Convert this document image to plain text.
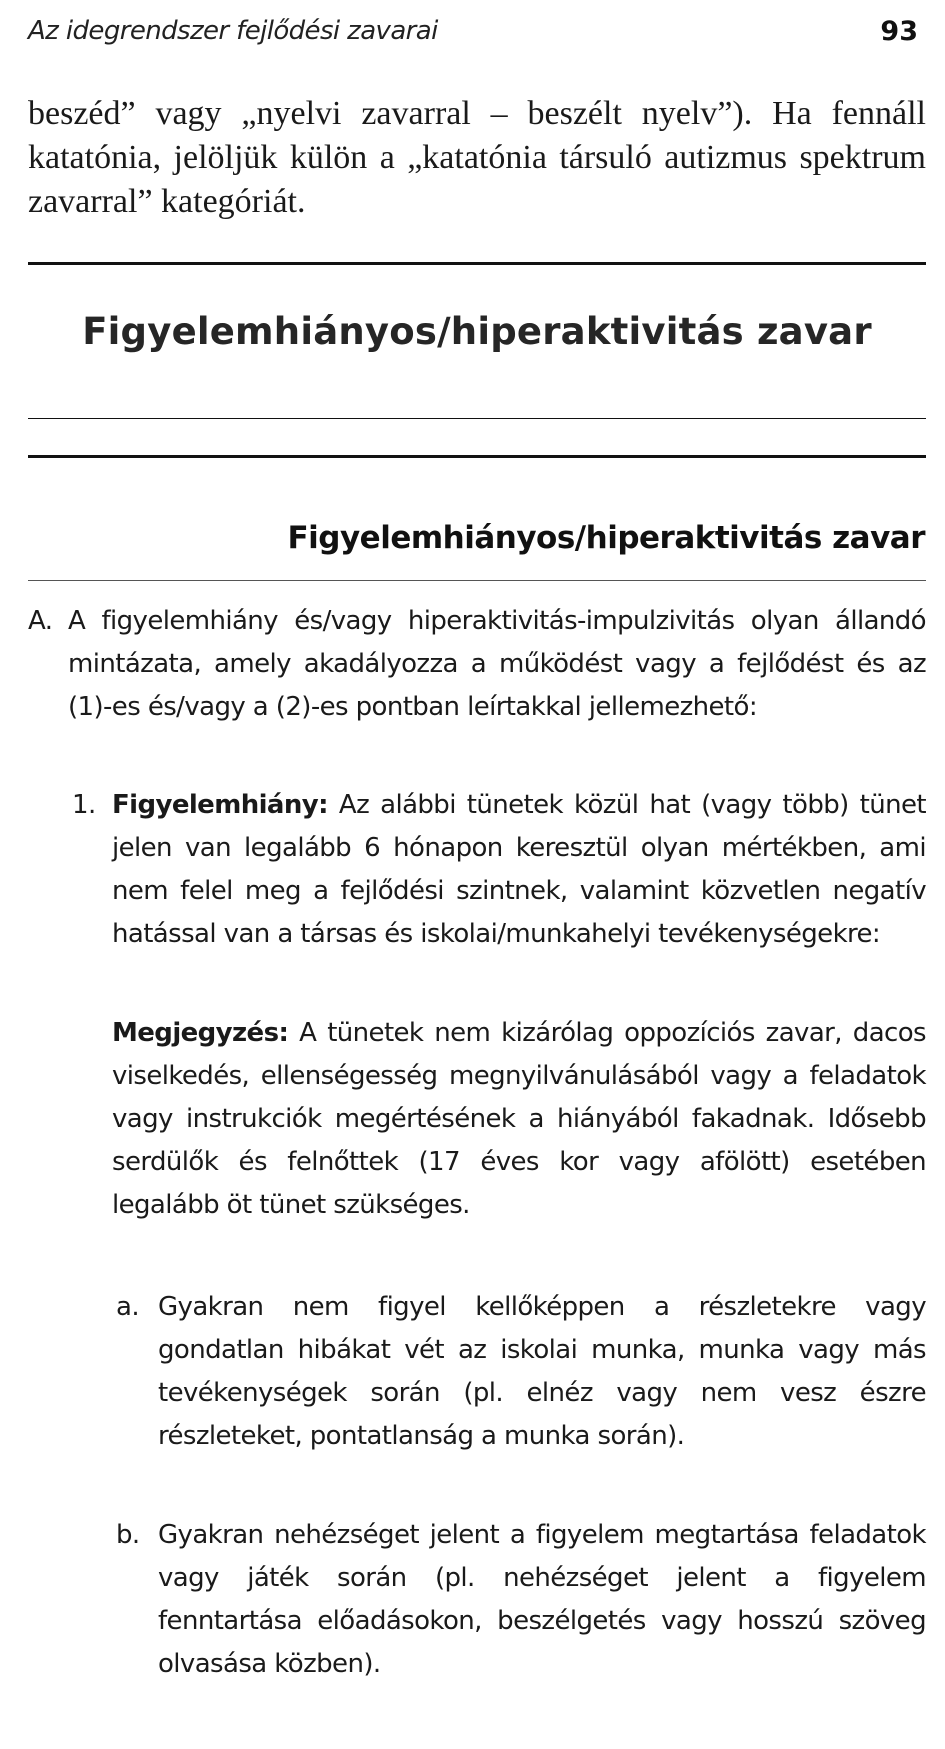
Az idegrendszer fejlődési zavarai	93

beszéd” vagy „nyelvi zavarral – beszélt nyelv”). Ha fennáll katatónia, jelöljük külön a „katatónia társuló autizmus spektrum zavarral” kategóriát.

Figyelemhiányos/hiperaktivitás zavar
Figyelemhiányos/hiperaktivitás zavar
A. A figyelemhiány és/vagy hiperaktivitás-impulzivitás olyan állandó mintázata, amely akadályozza a működést vagy a fejlődést és az (1)-es és/vagy a (2)-es pontban leírtakkal jellemezhető:

1. Figyelemhiány: Az alábbi tünetek közül hat (vagy több) tünet jelen van legalább 6 hónapon keresztül olyan mértékben, ami nem felel meg a fejlődési szintnek, valamint közvetlen negatív hatással van a társas és iskolai/munkahelyi tevékenységekre:

Megjegyzés: A tünetek nem kizárólag oppozíciós zavar, dacos viselkedés, ellenségesség megnyilvánulásából vagy a feladatok vagy instrukciók megértésének a hiányából fakadnak. Idősebb serdülők és felnőttek (17 éves kor vagy afölött) esetében legalább öt tünet szükséges.

a. Gyakran nem figyel kellőképpen a részletekre vagy gondatlan hibákat vét az iskolai munka, munka vagy más tevékenységek során (pl. elnéz vagy nem vesz észre részleteket, pontatlanság a munka során).

b. Gyakran nehézséget jelent a figyelem megtartása feladatok vagy játék során (pl. nehézséget jelent a figyelem fenntartása előadásokon, beszélgetés vagy hosszú szöveg olvasása közben).
